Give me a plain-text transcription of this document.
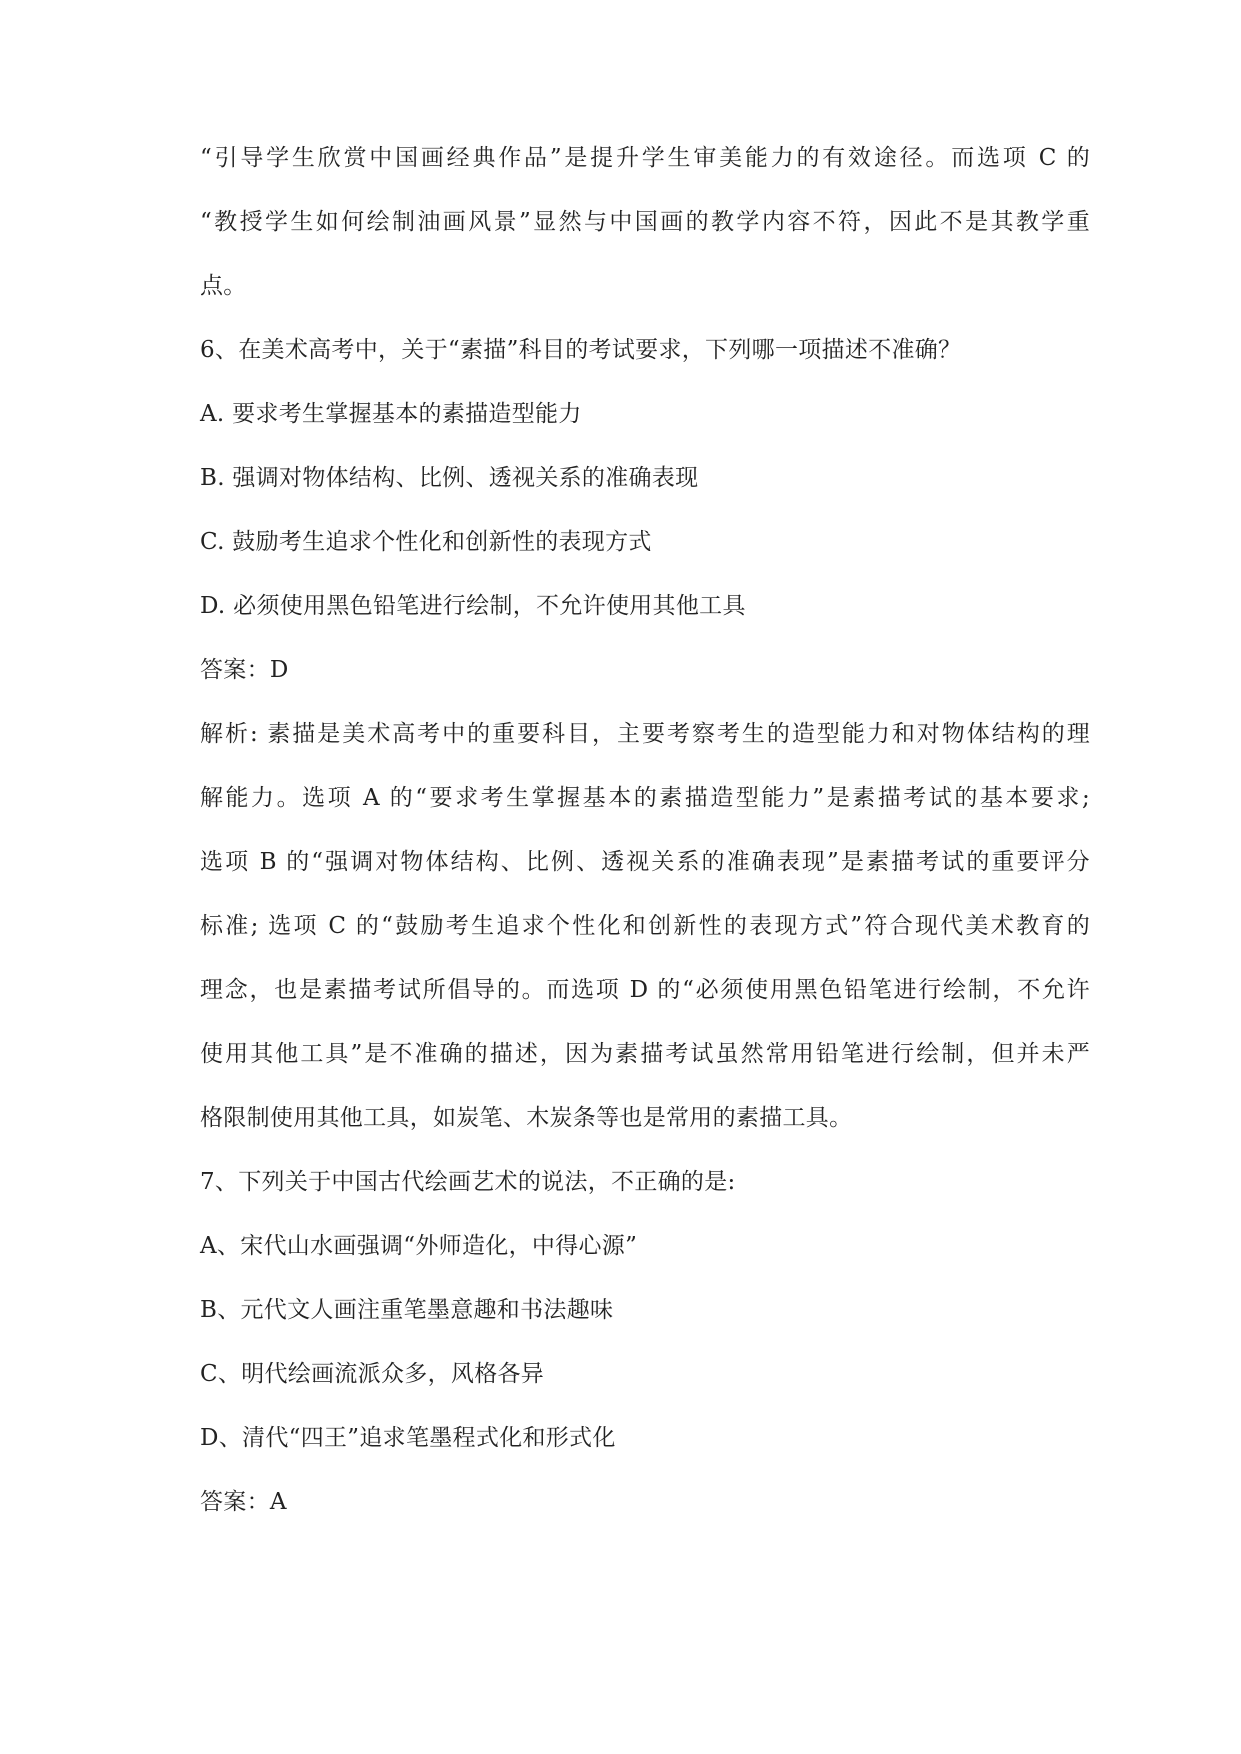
“引导学生欣赏中国画经典作品”是提升学生审美能力的有效途径。而选项 C 的
“教授学生如何绘制油画风景”显然与中国画的教学内容不符，因此不是其教学重
点。
6、在美术高考中，关于“素描”科目的考试要求，下列哪一项描述不准确？
A. 要求考生掌握基本的素描造型能力
B. 强调对物体结构、比例、透视关系的准确表现
C. 鼓励考生追求个性化和创新性的表现方式
D. 必须使用黑色铅笔进行绘制，不允许使用其他工具
答案：D
解析: 素描是美术高考中的重要科目，主要考察考生的造型能力和对物体结构的理
解能力。选项 A 的“要求考生掌握基本的素描造型能力”是素描考试的基本要求;
选项 B 的“强调对物体结构、比例、透视关系的准确表现”是素描考试的重要评分
标准; 选项 C 的“鼓励考生追求个性化和创新性的表现方式”符合现代美术教育的
理念，也是素描考试所倡导的。而选项 D 的“必须使用黑色铅笔进行绘制，不允许
使用其他工具”是不准确的描述，因为素描考试虽然常用铅笔进行绘制，但并未严
格限制使用其他工具，如炭笔、木炭条等也是常用的素描工具。
7、下列关于中国古代绘画艺术的说法，不正确的是:
A、宋代山水画强调“外师造化，中得心源”
B、元代文人画注重笔墨意趣和书法趣味
C、明代绘画流派众多，风格各异
D、清代“四王”追求笔墨程式化和形式化
答案：A
